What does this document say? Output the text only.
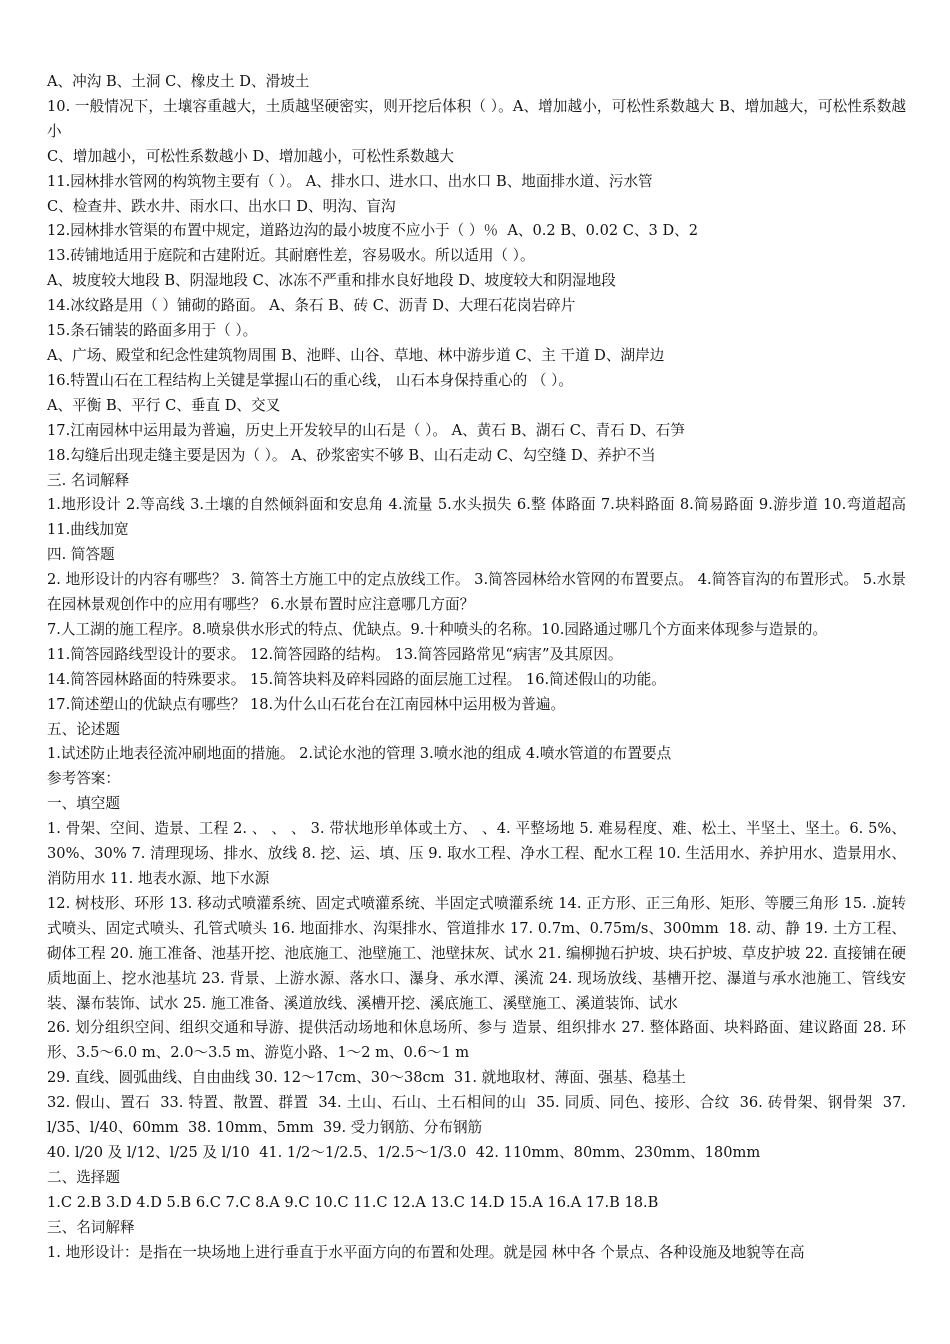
A、冲沟 B、土洞 C、橡皮土 D、滑坡土
10. 一般情况下，土壤容重越大，土质越坚硬密实，则开挖后体积（ ）。A、增加越小，可松性系数越大 B、增加越大，可松性系数越小
C、增加越小，可松性系数越小 D、增加越小，可松性系数越大
11.园林排水管网的构筑物主要有（ ）。 A、排水口、进水口、出水口 B、地面排水道、污水管
C、检查井、跌水井、雨水口、出水口 D、明沟、盲沟
12.园林排水管渠的布置中规定，道路边沟的最小坡度不应小于（ ）％  A、0.2 B、0.02 C、3 D、2
13.砖铺地适用于庭院和古建附近。其耐磨性差，容易吸水。所以适用（ ）。
A、坡度较大地段 B、阴湿地段 C、冰冻不严重和排水良好地段 D、坡度较大和阴湿地段
14.冰纹路是用（ ）铺砌的路面。 A、条石 B、砖 C、沥青 D、大理石花岗岩碎片
15.条石铺装的路面多用于（ ）。
A、广场、殿堂和纪念性建筑物周围 B、池畔、山谷、草地、林中游步道 C、主 干道 D、湖岸边
16.特置山石在工程结构上关键是掌握山石的重心线， 山石本身保持重心的 （ ）。
A、平衡 B、平行 C、垂直 D、交叉
17.江南园林中运用最为普遍，历史上开发较早的山石是（ ）。 A、黄石 B、湖石 C、青石 D、石笋
18.勾缝后出现走缝主要是因为（ ）。 A、砂浆密实不够 B、山石走动 C、勾空缝 D、养护不当
三. 名词解释
1.地形设计 2.等高线 3.土壤的自然倾斜面和安息角 4.流量 5.水头损失 6.整 体路面 7.块料路面 8.简易路面 9.游步道 10.弯道超高 11.曲线加宽
四. 简答题
2. 地形设计的内容有哪些？ 3. 简答土方施工中的定点放线工作。 3.简答园林给水管网的布置要点。 4.简答盲沟的布置形式。 5.水景在园林景观创作中的应用有哪些？ 6.水景布置时应注意哪几方面？
7.人工湖的施工程序。8.喷泉供水形式的特点、优缺点。9.十种喷头的名称。10.园路通过哪几个方面来体现参与造景的。
11.简答园路线型设计的要求。 12.简答园路的结构。 13.简答园路常见“病害”及其原因。
14.简答园林路面的特殊要求。 15.简答块料及碎料园路的面层施工过程。 16.简述假山的功能。
17.简述塑山的优缺点有哪些？ 18.为什么山石花台在江南园林中运用极为普遍。
五、论述题
1.试述防止地表径流冲刷地面的措施。 2.试论水池的管理 3.喷水池的组成 4.喷水管道的布置要点
参考答案：
一、填空题
1. 骨架、空间、造景、工程 2. 、 、 、 3. 带状地形单体或土方、 、4. 平整场地 5. 难易程度、难、松土、半坚土、坚土。6. 5%、30%、30% 7. 清理现场、排水、放线 8. 挖、运、填、压 9. 取水工程、净水工程、配水工程 10. 生活用水、养护用水、造景用水、消防用水 11. 地表水源、地下水源
12. 树枝形、环形 13. 移动式喷灌系统、固定式喷灌系统、半固定式喷灌系统 14. 正方形、正三角形、矩形、等腰三角形 15. .旋转式喷头、固定式喷头、孔管式喷头 16. 地面排水、沟渠排水、管道排水 17. 0.7m、0.75m/s、300mm  18. 动、静 19. 土方工程、砌体工程 20. 施工准备、池基开挖、池底施工、池壁施工、池壁抹灰、试水 21. 编柳抛石护坡、块石护坡、草皮护坡 22. 直接铺在硬质地面上、挖水池基坑 23. 背景、上游水源、落水口、瀑身、承水潭、溪流 24. 现场放线、基槽开挖、瀑道与承水池施工、管线安装、瀑布装饰、试水 25. 施工准备、溪道放线、溪槽开挖、溪底施工、溪壁施工、溪道装饰、试水
26. 划分组织空间、组织交通和导游、提供活动场地和休息场所、参与 造景、组织排水 27. 整体路面、块料路面、建议路面 28. 环形、3.5～6.0 m、2.0～3.5 m、游览小路、1～2 m、0.6～1 m
29. 直线、圆弧曲线、自由曲线 30. 12～17cm、30～38cm  31. 就地取材、薄面、强基、稳基土
32. 假山、置石  33. 特置、散置、群置  34. 土山、石山、土石相间的山  35. 同质、同色、接形、合纹  36. 砖骨架、钢骨架  37. l/35、l/40、60mm  38. 10mm、5mm  39. 受力钢筋、分布钢筋
40. l/20 及 l/12、l/25 及 l/10  41. 1/2～1/2.5、1/2.5～1/3.0  42. 110mm、80mm、230mm、180mm
二、选择题
1.C 2.B 3.D 4.D 5.B 6.C 7.C 8.A 9.C 10.C 11.C 12.A 13.C 14.D 15.A 16.A 17.B 18.B
三、名词解释
1. 地形设计：是指在一块场地上进行垂直于水平面方向的布置和处理。就是园 林中各 个景点、各种设施及地貌等在高
